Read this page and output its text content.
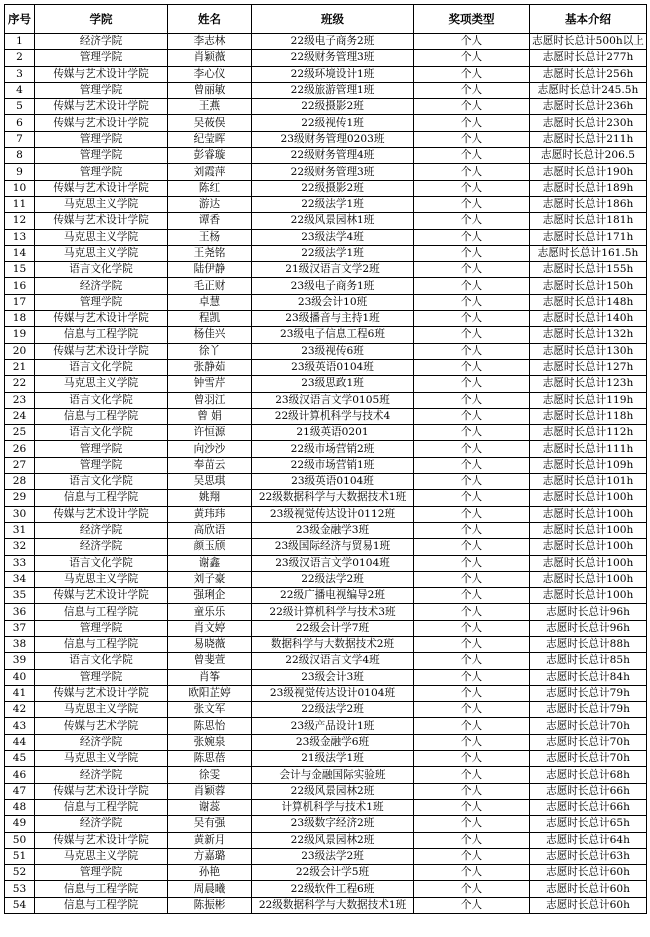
序号	学院	姓名	班级	奖项类型	基本介绍
1	经济学院	李志林	22级电子商务2班	个人	志愿时长总计500h以上
2	管理学院	肖颖薇	22级财务管理3班	个人	志愿时长总计277h
3	传媒与艺术设计学院	李心仪	22级环境设计1班	个人	志愿时长总计256h
4	管理学院	曾丽敏	22级旅游管理1班	个人	志愿时长总计245.5h
5	传媒与艺术设计学院	王燕	22级摄影2班	个人	志愿时长总计236h
6	传媒与艺术设计学院	吴莜俣	22级视传1班	个人	志愿时长总计230h
7	管理学院	纪莹晖	23级财务管理0203班	个人	志愿时长总计211h
8	管理学院	彭睿璇	22级财务管理4班	个人	志愿时长总计206.5
9	管理学院	刘霞萍	22级财务管理3班	个人	志愿时长总计190h
10	传媒与艺术设计学院	陈红	22级摄影2班	个人	志愿时长总计189h
11	马克思主义学院	游达	22级法学1班	个人	志愿时长总计186h
12	传媒与艺术设计学院	谭香	22级风景园林1班	个人	志愿时长总计181h
13	马克思主义学院	王杨	23级法学4班	个人	志愿时长总计171h
14	马克思主义学院	王尧铭	22级法学1班	个人	志愿时长总计161.5h
15	语言文化学院	陆伊静	21级汉语言文学2班	个人	志愿时长总计155h
16	经济学院	毛正财	23级电子商务1班	个人	志愿时长总计150h
17	管理学院	卓慧	23级会计10班	个人	志愿时长总计148h
18	传媒与艺术设计学院	程凯	23级播音与主持1班	个人	志愿时长总计140h
19	信息与工程学院	杨佳兴	23级电子信息工程6班	个人	志愿时长总计132h
20	传媒与艺术设计学院	徐丫	23级视传6班	个人	志愿时长总计130h
21	语言文化学院	张静茹	23级英语0104班	个人	志愿时长总计127h
22	马克思主义学院	钟雪芹	23级思政1班	个人	志愿时长总计123h
23	语言文化学院	曾羽江	23级汉语言文学0105班	个人	志愿时长总计119h
24	信息与工程学院	曾 娟	22级计算机科学与技术4	个人	志愿时长总计118h
25	语言文化学院	许恒源	21级英语0201	个人	志愿时长总计112h
26	管理学院	向沙沙	22级市场营销2班	个人	志愿时长总计111h
27	管理学院	奉苗云	22级市场营销1班	个人	志愿时长总计109h
28	语言文化学院	吴思琪	23级英语0104班	个人	志愿时长总计101h
29	信息与工程学院	姚翔	22级数据科学与大数据技术1班	个人	志愿时长总计100h
30	传媒与艺术设计学院	黄玮玮	23级视觉传达设计0112班	个人	志愿时长总计100h
31	经济学院	高欣语	23级金融学3班	个人	志愿时长总计100h
32	经济学院	颜玉颀	23级国际经济与贸易1班	个人	志愿时长总计100h
33	语言文化学院	谢鑫	23级汉语言文学0104班	个人	志愿时长总计100h
34	马克思主义学院	刘子豪	22级法学2班	个人	志愿时长总计100h
35	传媒与艺术设计学院	强琍企	22级广播电视编导2班	个人	志愿时长总计100h
36	信息与工程学院	童乐乐	22级计算机科学与技术3班	个人	志愿时长总计96h
37	管理学院	肖文婷	22级会计学7班	个人	志愿时长总计96h
38	信息与工程学院	易晓薇	数据科学与大数据技术2班	个人	志愿时长总计88h
39	语言文化学院	曾斐萱	22级汉语言文学4班	个人	志愿时长总计85h
40	管理学院	肖筝	23级会计3班	个人	志愿时长总计84h
41	传媒与艺术设计学院	欧阳芷婷	23级视觉传达设计0104班	个人	志愿时长总计79h
42	马克思主义学院	张文军	22级法学2班	个人	志愿时长总计79h
43	传媒与艺术学院	陈思怡	23级产品设计1班	个人	志愿时长总计70h
44	经济学院	张婉泉	23级金融学6班	个人	志愿时长总计70h
45	马克思主义学院	陈思蓓	21级法学1班	个人	志愿时长总计70h
46	经济学院	徐雯	会计与金融国际实验班	个人	志愿时长总计68h
47	传媒与艺术设计学院	肖颖蓉	22级风景园林2班	个人	志愿时长总计66h
48	信息与工程学院	谢蕊	计算机科学与技术1班	个人	志愿时长总计66h
49	经济学院	吴有强	23级数字经济2班	个人	志愿时长总计65h
50	传媒与艺术设计学院	黄新月	22级风景园林2班	个人	志愿时长总计64h
51	马克思主义学院	方嘉璐	23级法学2班	个人	志愿时长总计63h
52	管理学院	孙艳	22级会计学5班	个人	志愿时长总计60h
53	信息与工程学院	周晨曦	22级软件工程6班	个人	志愿时长总计60h
54	信息与工程学院	陈振彬	22级数据科学与大数据技术1班	个人	志愿时长总计60h
